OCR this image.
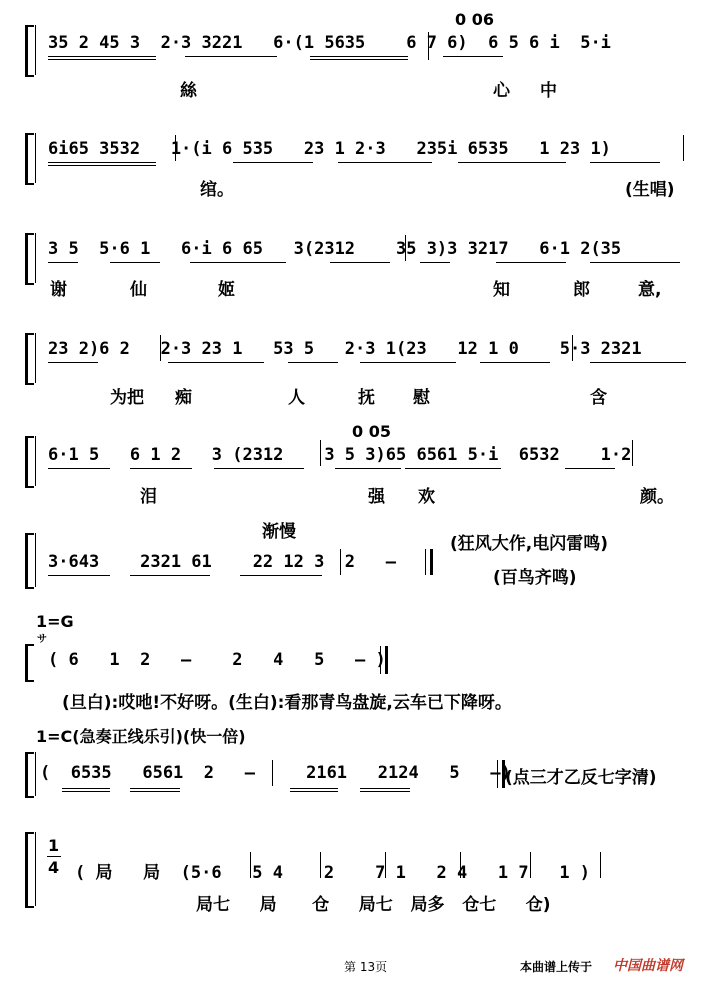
0 06
35 2 45 3  2·3 3221   6·(1 5635    6 7 6)  6 5 6 i  5·i
絲	心 中
6i65 3532   1·(i 6 535   23 1 2·3   235i 6535   1 23 1)
绾。	(生唱)
3 5  5·6 1   6·i 6 65   3(2312    35 3)3 3217   6·1 2(35
谢	仙	姬	知	郎	意,
23 2)6 2   2·3 23 1   53 5   2·3 1(23   12 1 0    5·3 2321
为把 痴	人	抚 慰	含
0 05
6·1 5   6 1 2   3 (2312    3 5 3)65 6561 5·i  6532    1·2
泪	强 欢	颜。
渐慢
3·643    2321 61    22 12 3  2   –
(狂风大作,电闪雷鸣)
(百鸟齐鸣)
1=G
サ
( 6   1  2   –    2   4   5   – )
(旦白):哎吔!不好呀。(生白):看那青鸟盘旋,云车已下降呀。
1=C(急奏正线乐引)(快一倍)
(  6535   6561  2   –     2161   2124   5   –)
(点三才乙反七字清)
1
4 ( 局   局  (5·6   5 4    2    7 1   2 4   1 7   1 )
局七     局      仓     局七   局多   仓七     仓)
第 13页	本曲谱上传于 中国曲谱网
